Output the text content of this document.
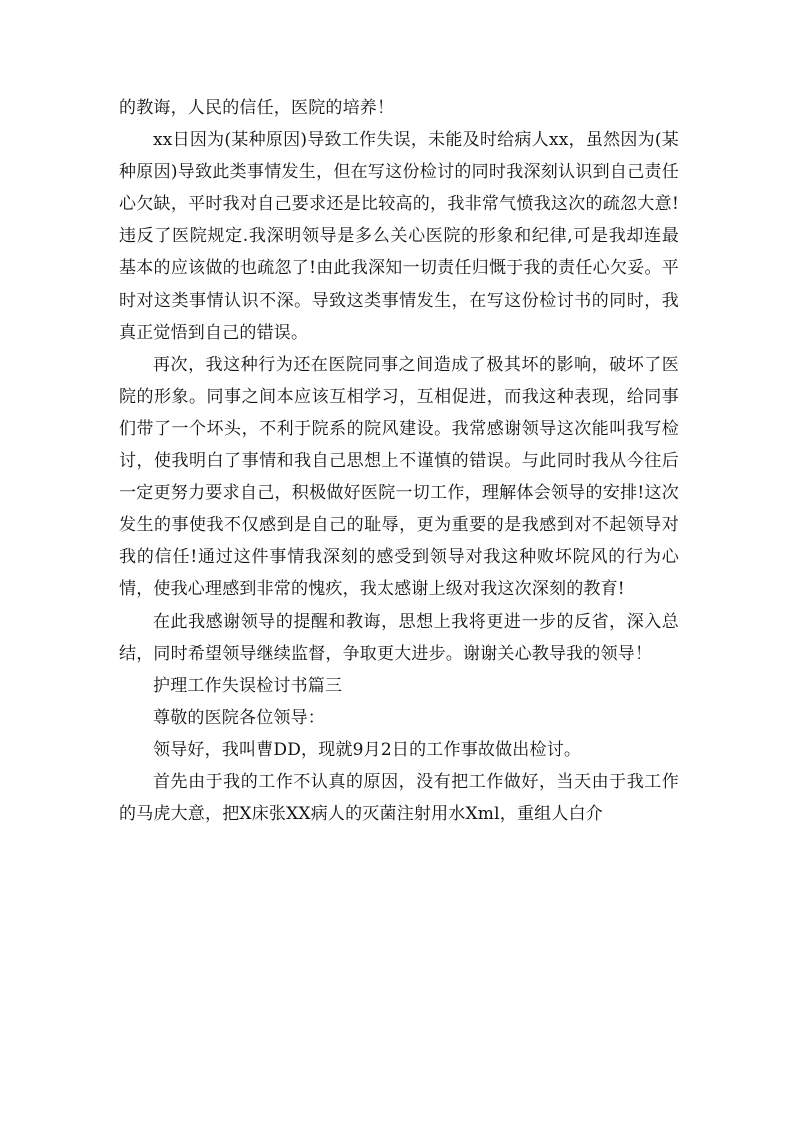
的教诲，人民的信任，医院的培养！

xx日因为(某种原因)导致工作失误，未能及时给病人xx，虽然因为(某种原因)导致此类事情发生，但在写这份检讨的同时我深刻认识到自己责任心欠缺，平时我对自己要求还是比较高的，我非常气愤我这次的疏忽大意!违反了医院规定.我深明领导是多么关心医院的形象和纪律,可是我却连最基本的应该做的也疏忽了!由此我深知一切责任归慨于我的责任心欠妥。平时对这类事情认识不深。导致这类事情发生，在写这份检讨书的同时，我真正觉悟到自己的错误。

再次，我这种行为还在医院同事之间造成了极其坏的影响，破坏了医院的形象。同事之间本应该互相学习，互相促进，而我这种表现，给同事们带了一个坏头，不利于院系的院风建设。我常感谢领导这次能叫我写检讨，使我明白了事情和我自己思想上不谨慎的错误。与此同时我从今往后一定更努力要求自己，积极做好医院一切工作，理解体会领导的安排!这次发生的事使我不仅感到是自己的耻辱，更为重要的是我感到对不起领导对我的信任!通过这件事情我深刻的感受到领导对我这种败坏院风的行为心情，使我心理感到非常的愧疚，我太感谢上级对我这次深刻的教育!

在此我感谢领导的提醒和教诲，思想上我将更进一步的反省，深入总结，同时希望领导继续监督，争取更大进步。谢谢关心教导我的领导！

护理工作失误检讨书篇三

尊敬的医院各位领导：

领导好，我叫曹DD，现就9月2日的工作事故做出检讨。

首先由于我的工作不认真的原因，没有把工作做好，当天由于我工作的马虎大意，把X床张XX病人的灭菌注射用水Xml，重组人白介
